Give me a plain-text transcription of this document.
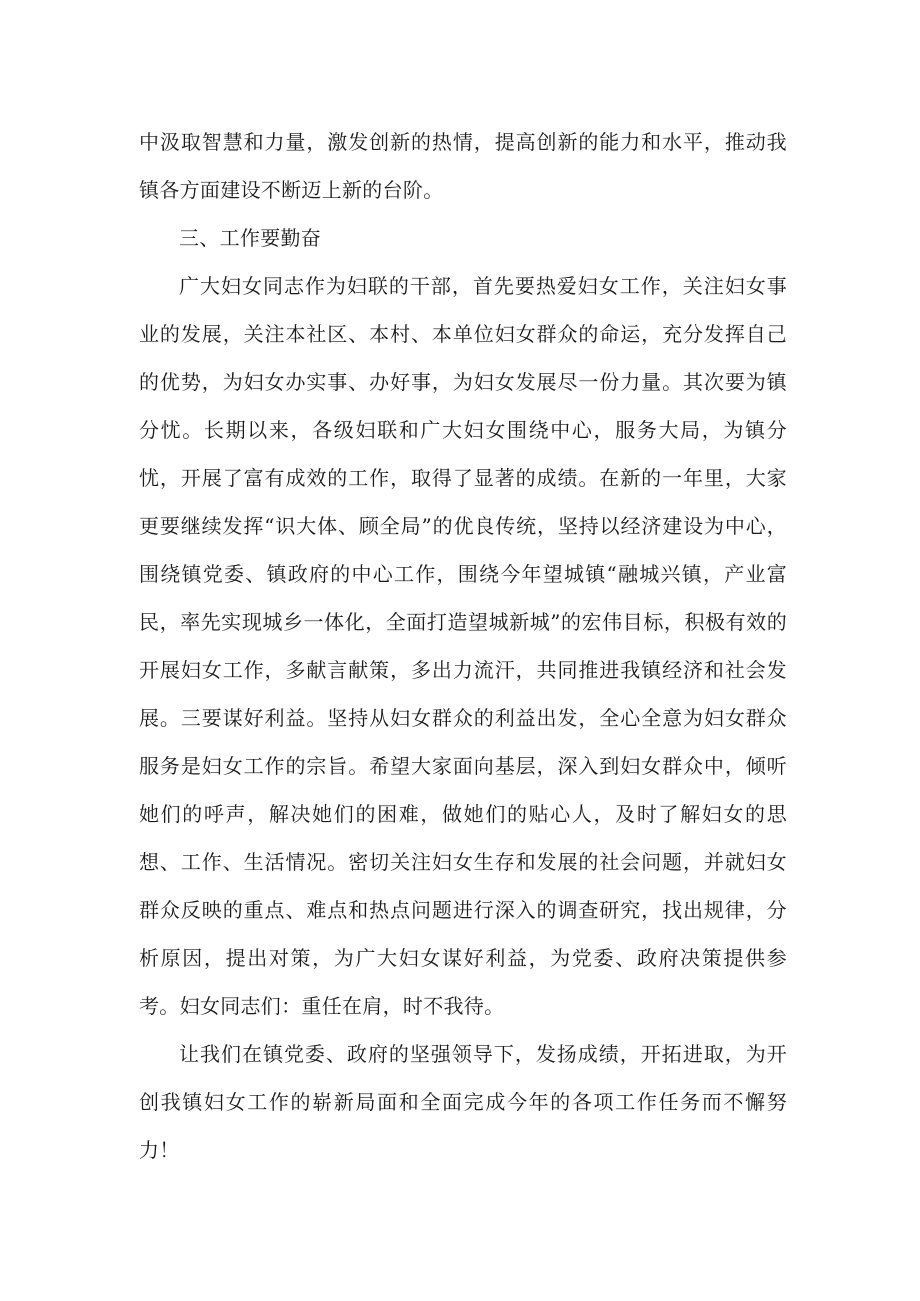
中汲取智慧和力量，激发创新的热情，提高创新的能力和水平，推动我镇各方面建设不断迈上新的台阶。

三、工作要勤奋

广大妇女同志作为妇联的干部，首先要热爱妇女工作，关注妇女事业的发展，关注本社区、本村、本单位妇女群众的命运，充分发挥自己的优势，为妇女办实事、办好事，为妇女发展尽一份力量。其次要为镇分忧。长期以来，各级妇联和广大妇女围绕中心，服务大局，为镇分忧，开展了富有成效的工作，取得了显著的成绩。在新的一年里，大家更要继续发挥“识大体、顾全局”的优良传统，坚持以经济建设为中心，围绕镇党委、镇政府的中心工作，围绕今年望城镇“融城兴镇，产业富民，率先实现城乡一体化，全面打造望城新城”的宏伟目标，积极有效的开展妇女工作，多献言献策，多出力流汗，共同推进我镇经济和社会发展。三要谋好利益。坚持从妇女群众的利益出发，全心全意为妇女群众服务是妇女工作的宗旨。希望大家面向基层，深入到妇女群众中，倾听她们的呼声，解决她们的困难，做她们的贴心人，及时了解妇女的思想、工作、生活情况。密切关注妇女生存和发展的社会问题，并就妇女群众反映的重点、难点和热点问题进行深入的调查研究，找出规律，分析原因，提出对策，为广大妇女谋好利益，为党委、政府决策提供参考。妇女同志们：重任在肩，时不我待。

让我们在镇党委、政府的坚强领导下，发扬成绩，开拓进取，为开创我镇妇女工作的崭新局面和全面完成今年的各项工作任务而不懈努力！
